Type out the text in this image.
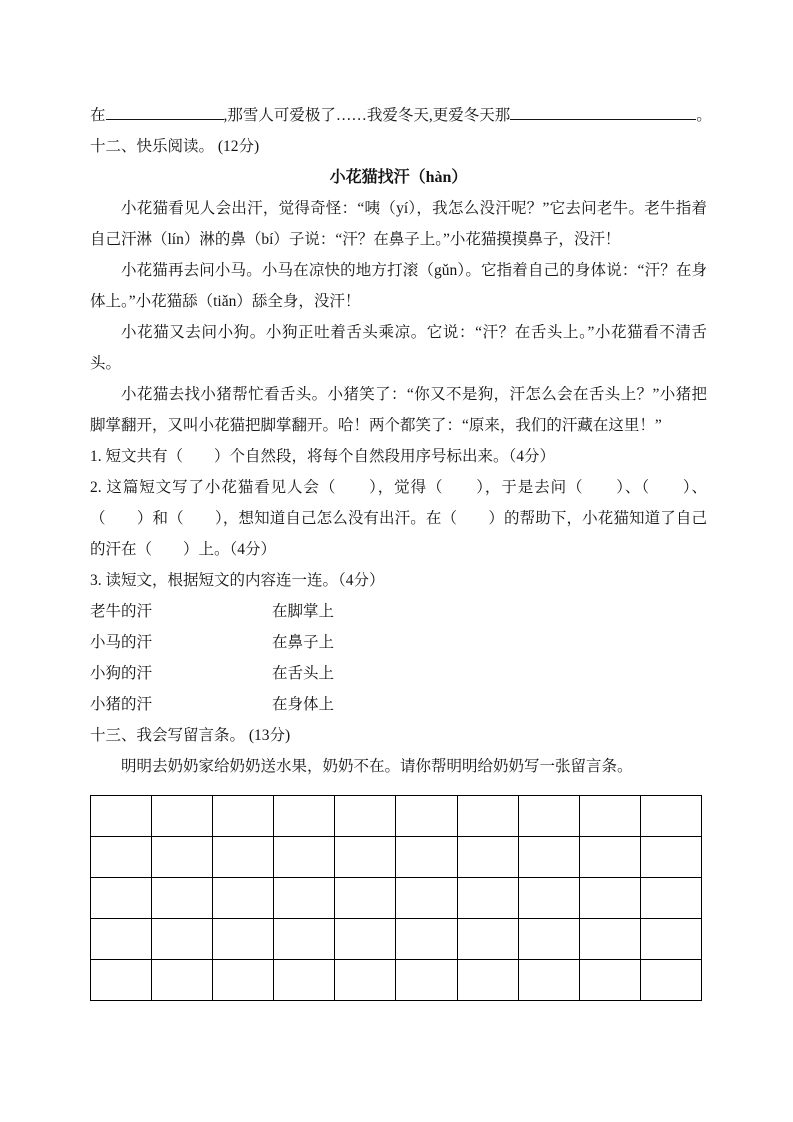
在	,那雪人可爱极了……我爱冬天,更爱冬天那	。

十二、快乐阅读。 (12分)

小花猫找汗（hàn）

小花猫看见人会出汗，觉得奇怪：“咦（yí），我怎么没汗呢？”它去问老牛。老牛指着自己汗淋（lín）淋的鼻（bí）子说：“汗？在鼻子上。”小花猫摸摸鼻子，没汗！

小花猫再去问小马。小马在凉快的地方打滚（gǔn）。它指着自己的身体说：“汗？在身体上。”小花猫舔（tiǎn）舔全身，没汗！

小花猫又去问小狗。小狗正吐着舌头乘凉。它说：“汗？在舌头上。”小花猫看不清舌头。

小花猫去找小猪帮忙看舌头。小猪笑了：“你又不是狗，汗怎么会在舌头上？”小猪把脚掌翻开，又叫小花猫把脚掌翻开。哈！两个都笑了：“原来，我们的汗藏在这里！”

1. 短文共有（　　）个自然段，将每个自然段用序号标出来。（4分）

2. 这篇短文写了小花猫看见人会（　　），觉得（　　），于是去问（　　）、（　　）、（　　）和（　　），想知道自己怎么没有出汗。在（　　）的帮助下，小花猫知道了自己的汗在（　　）上。（4分）

3. 读短文，根据短文的内容连一连。（4分）

老牛的汗	在脚掌上
小马的汗	在鼻子上
小狗的汗	在舌头上
小猪的汗	在身体上

十三、我会写留言条。 (13分)

明明去奶奶家给奶奶送水果，奶奶不在。请你帮明明给奶奶写一张留言条。
